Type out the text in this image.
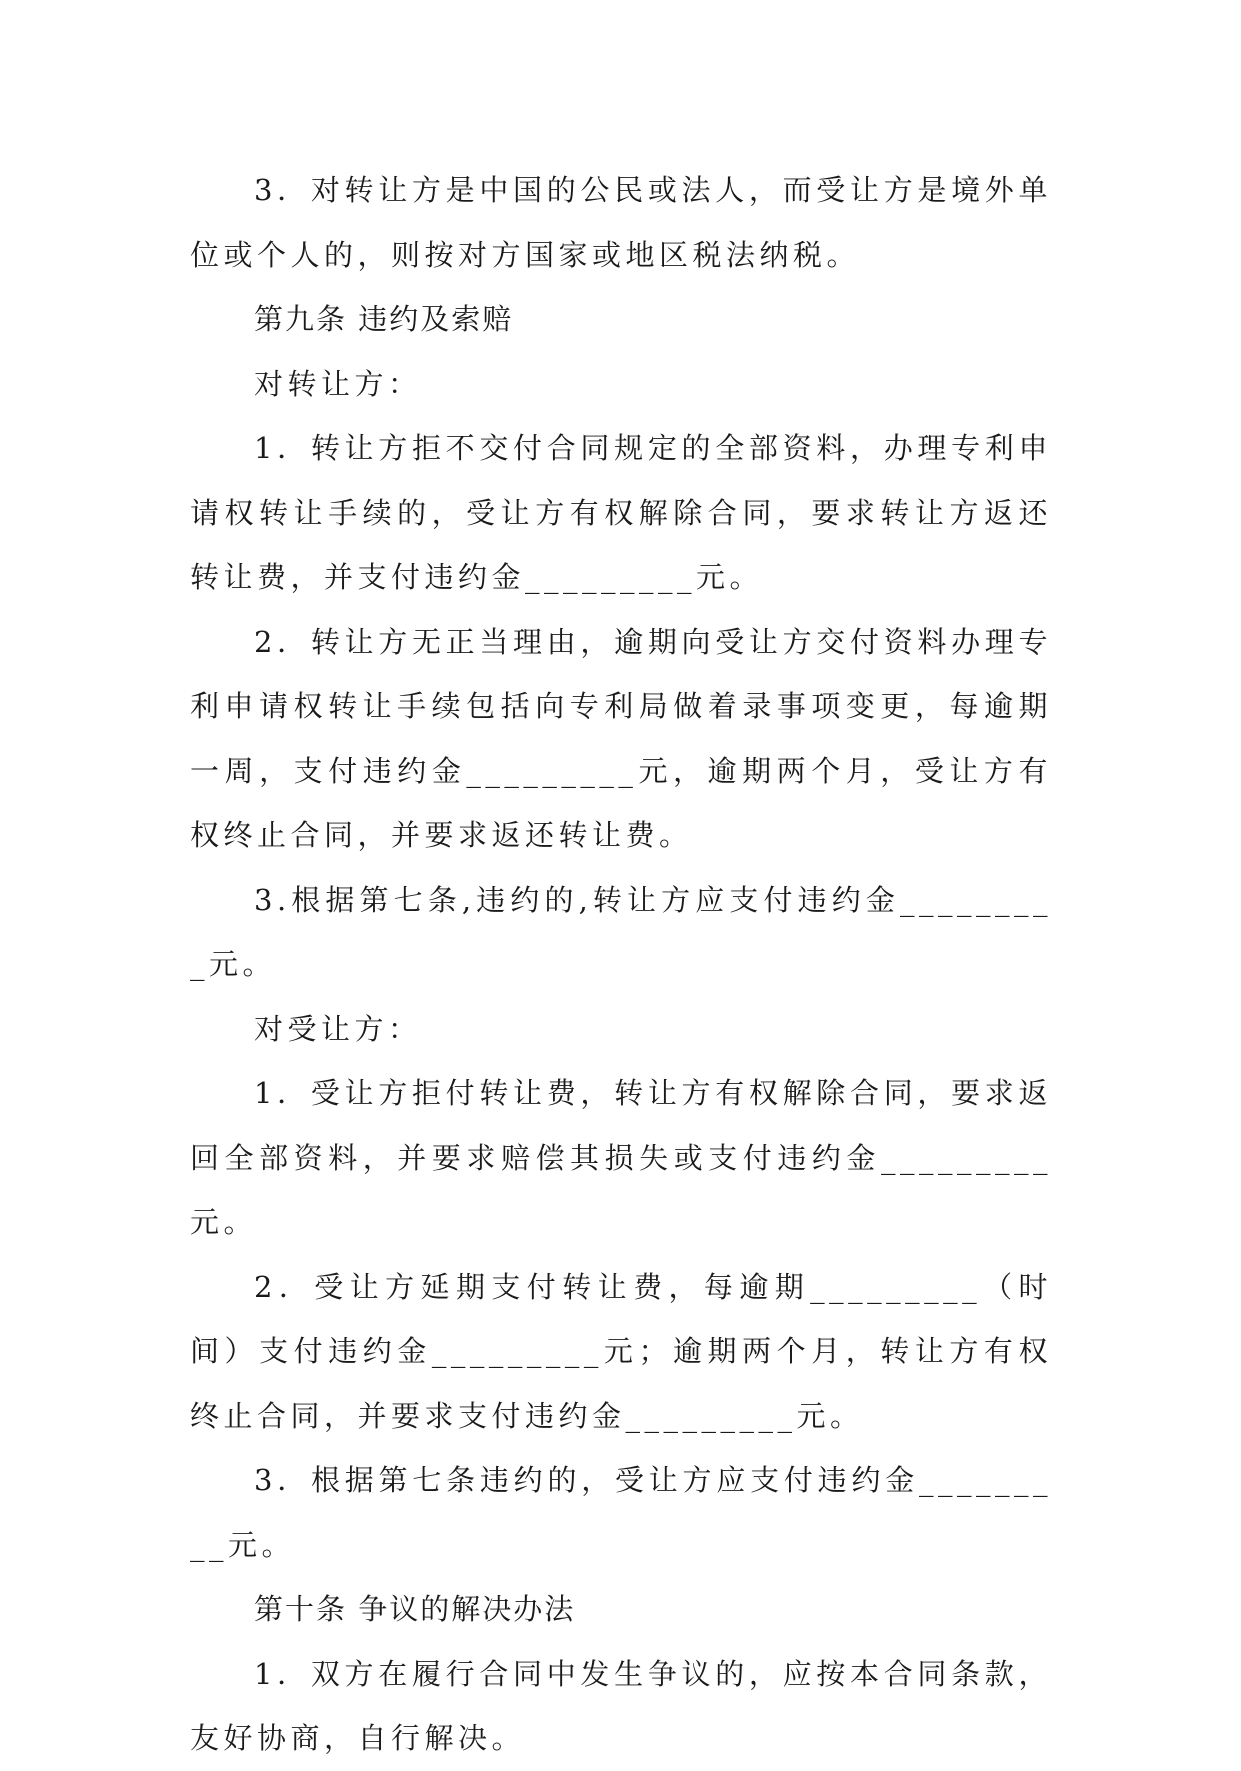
3．对转让方是中国的公民或法人，而受让方是境外单位或个人的，则按对方国家或地区税法纳税。

第九条 违约及索赔

对转让方：

1．转让方拒不交付合同规定的全部资料，办理专利申请权转让手续的，受让方有权解除合同，要求转让方返还转让费，并支付违约金_________元。

2．转让方无正当理由，逾期向受让方交付资料办理专利申请权转让手续包括向专利局做着录事项变更，每逾期一周，支付违约金_________元，逾期两个月，受让方有权终止合同，并要求返还转让费。

3.根据第七条,违约的,转让方应支付违约金_________元。

对受让方：

1．受让方拒付转让费，转让方有权解除合同，要求返回全部资料，并要求赔偿其损失或支付违约金_________元。

2．受让方延期支付转让费，每逾期_________（时间）支付违约金_________元；逾期两个月，转让方有权终止合同，并要求支付违约金_________元。

3．根据第七条违约的，受让方应支付违约金_________元。

第十条 争议的解决办法

1．双方在履行合同中发生争议的，应按本合同条款，友好协商，自行解决。
